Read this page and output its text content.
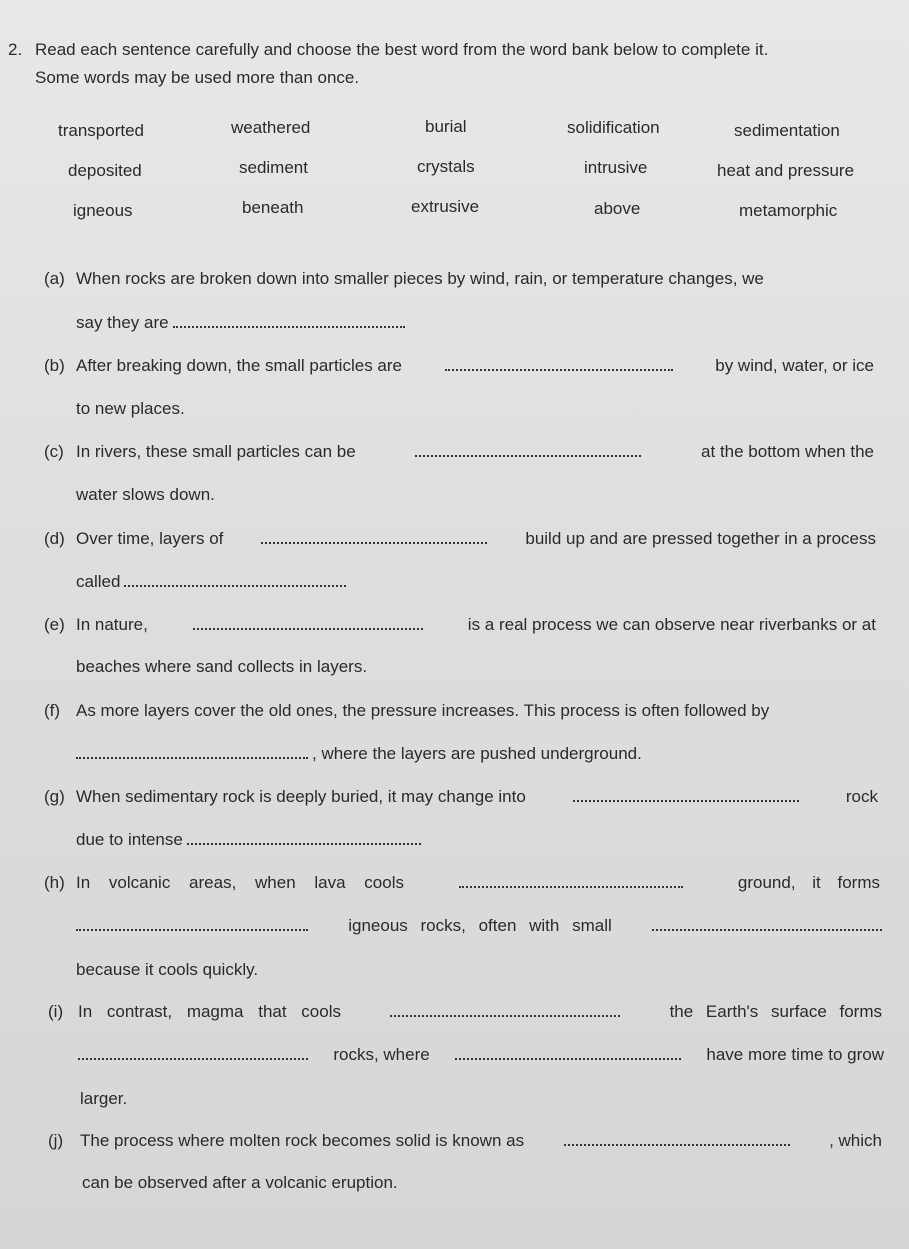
2. Read each sentence carefully and choose the best word from the word bank below to complete it.
Some words may be used more than once.
transported	weathered	burial	solidification	sedimentation
deposited	sediment	crystals	intrusive	heat and pressure
igneous	beneath	extrusive	above	metamorphic
(a) When rocks are broken down into smaller pieces by wind, rain, or temperature changes, we
say they are
(b) After breaking down, the small particles are	by wind, water, or ice
to new places.
(c) In rivers, these small particles can be	at the bottom when the
water slows down.
(d) Over time, layers of	build up and are pressed together in a process
called
(e) In nature,	is a real process we can observe near riverbanks or at
beaches where sand collects in layers.
(f) As more layers cover the old ones, the pressure increases. This process is often followed by
, where the layers are pushed underground.
(g) When sedimentary rock is deeply buried, it may change into	rock
due to intense
(h) In volcanic areas, when lava cools	ground, it forms
igneous rocks, often with small
because it cools quickly.
(i) In contrast, magma that cools	the Earth's surface forms
rocks, where	have more time to grow
larger.
(j) The process where molten rock becomes solid is known as	, which
can be observed after a volcanic eruption.
